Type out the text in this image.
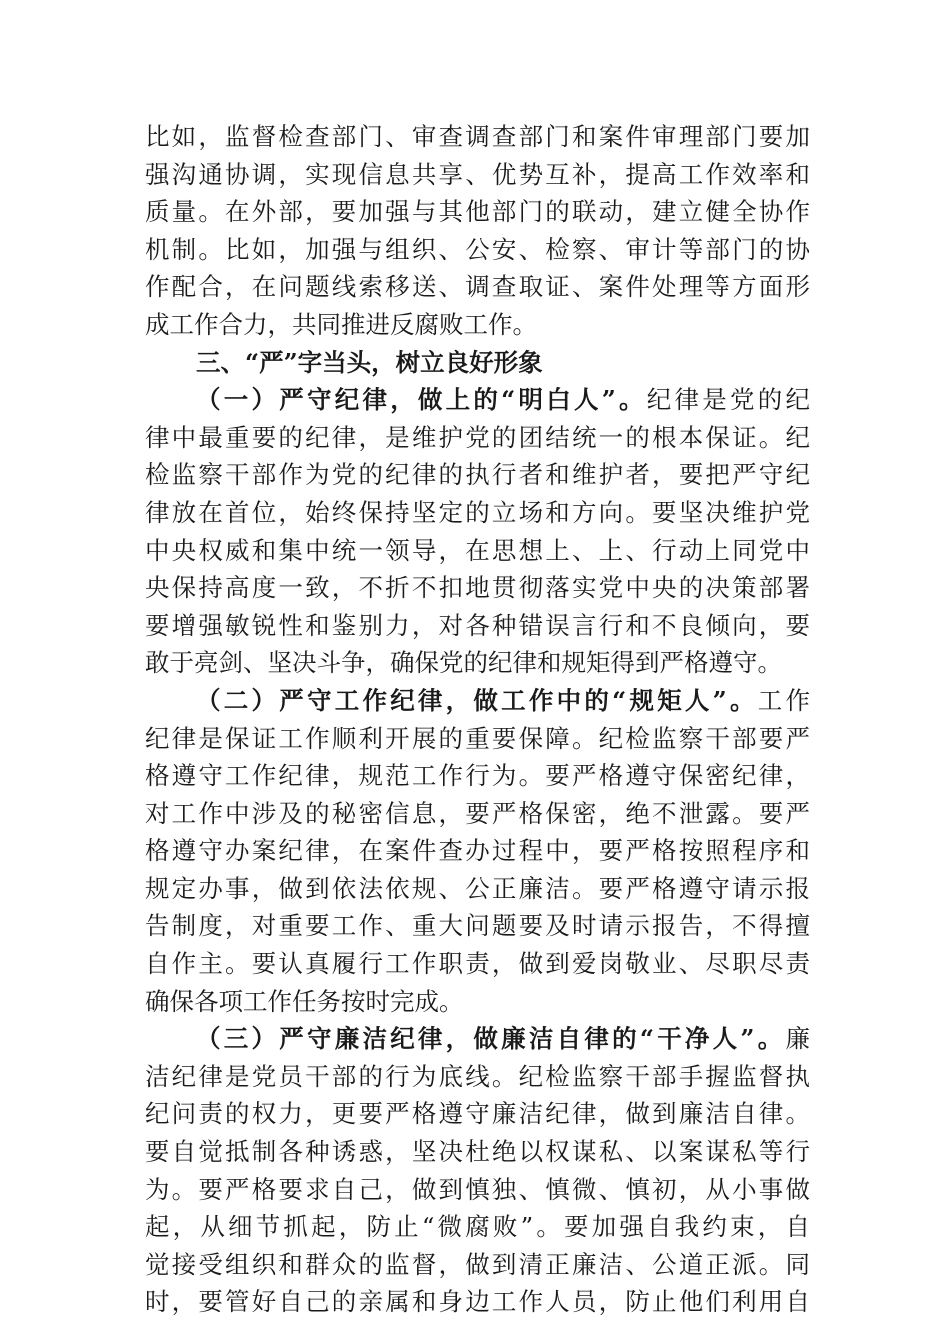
比如，监督检查部门、审查调查部门和案件审理部门要加
强沟通协调，实现信息共享、优势互补，提高工作效率和
质量。在外部，要加强与其他部门的联动，建立健全协作
机制。比如，加强与组织、公安、检察、审计等部门的协
作配合，在问题线索移送、调查取证、案件处理等方面形
成工作合力，共同推进反腐败工作。
三、“严”字当头，树立良好形象
（一）严守纪律，做上的“明白人”。纪律是党的纪
律中最重要的纪律，是维护党的团结统一的根本保证。纪
检监察干部作为党的纪律的执行者和维护者，要把严守纪
律放在首位，始终保持坚定的立场和方向。要坚决维护党
中央权威和集中统一领导，在思想上、上、行动上同党中
央保持高度一致，不折不扣地贯彻落实党中央的决策部署
要增强敏锐性和鉴别力，对各种错误言行和不良倾向，要
敢于亮剑、坚决斗争，确保党的纪律和规矩得到严格遵守。
（二）严守工作纪律，做工作中的“规矩人”。工作
纪律是保证工作顺利开展的重要保障。纪检监察干部要严
格遵守工作纪律，规范工作行为。要严格遵守保密纪律，
对工作中涉及的秘密信息，要严格保密，绝不泄露。要严
格遵守办案纪律，在案件查办过程中，要严格按照程序和
规定办事，做到依法依规、公正廉洁。要严格遵守请示报
告制度，对重要工作、重大问题要及时请示报告，不得擅
自作主。要认真履行工作职责，做到爱岗敬业、尽职尽责
确保各项工作任务按时完成。
（三）严守廉洁纪律，做廉洁自律的“干净人”。廉
洁纪律是党员干部的行为底线。纪检监察干部手握监督执
纪问责的权力，更要严格遵守廉洁纪律，做到廉洁自律。
要自觉抵制各种诱惑，坚决杜绝以权谋私、以案谋私等行
为。要严格要求自己，做到慎独、慎微、慎初，从小事做
起，从细节抓起，防止“微腐败”。要加强自我约束，自
觉接受组织和群众的监督，做到清正廉洁、公道正派。同
时，要管好自己的亲属和身边工作人员，防止他们利用自
